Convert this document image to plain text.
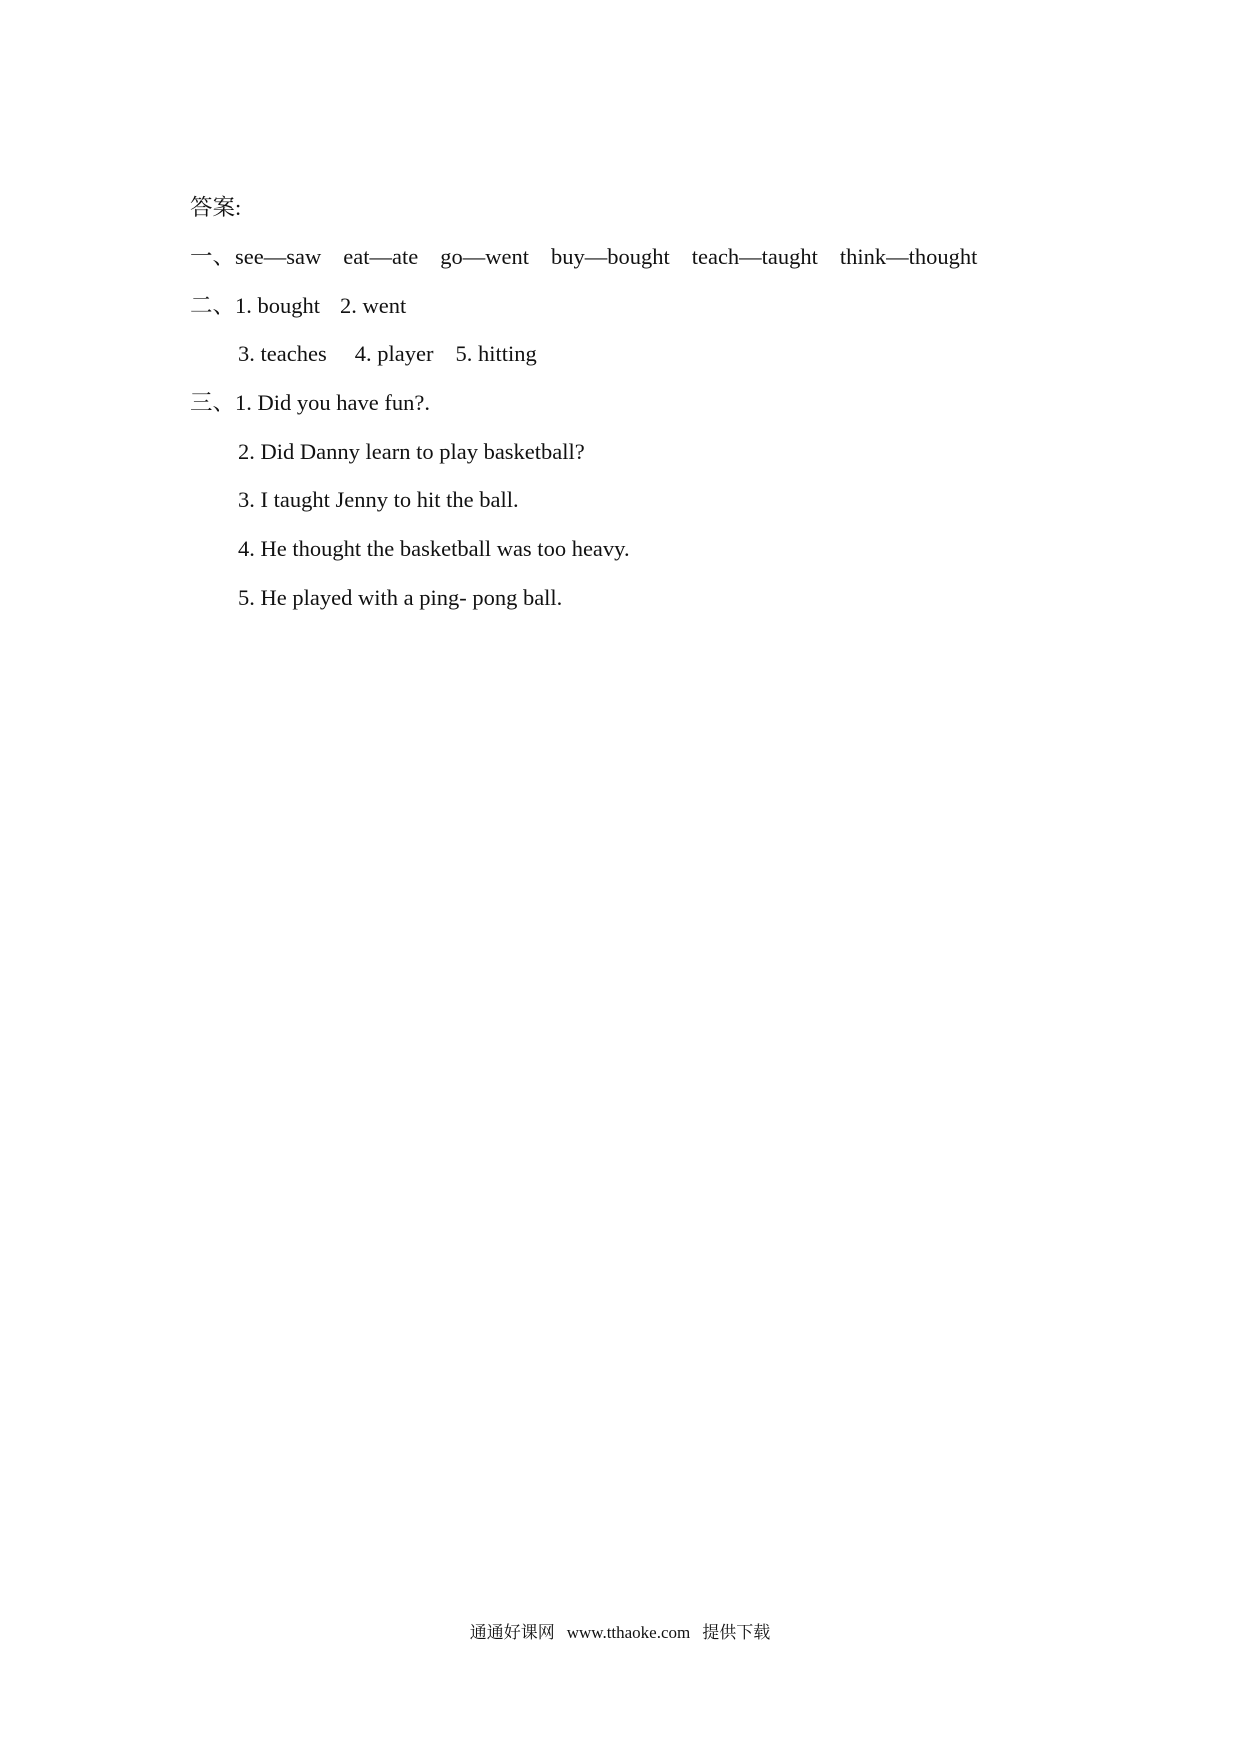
答案:
一、see—saw eat—ate go—went buy—bought teach—taught think—thought
二、1. bought 2. went
3. teaches 4. player 5. hitting
三、1. Did you have fun?.
2. Did Danny learn to play basketball?
3. I taught Jenny to hit the ball.
4. He thought the basketball was too heavy.
5. He played with a ping- pong ball.
通通好课网 www.tthaoke.com 提供下载
